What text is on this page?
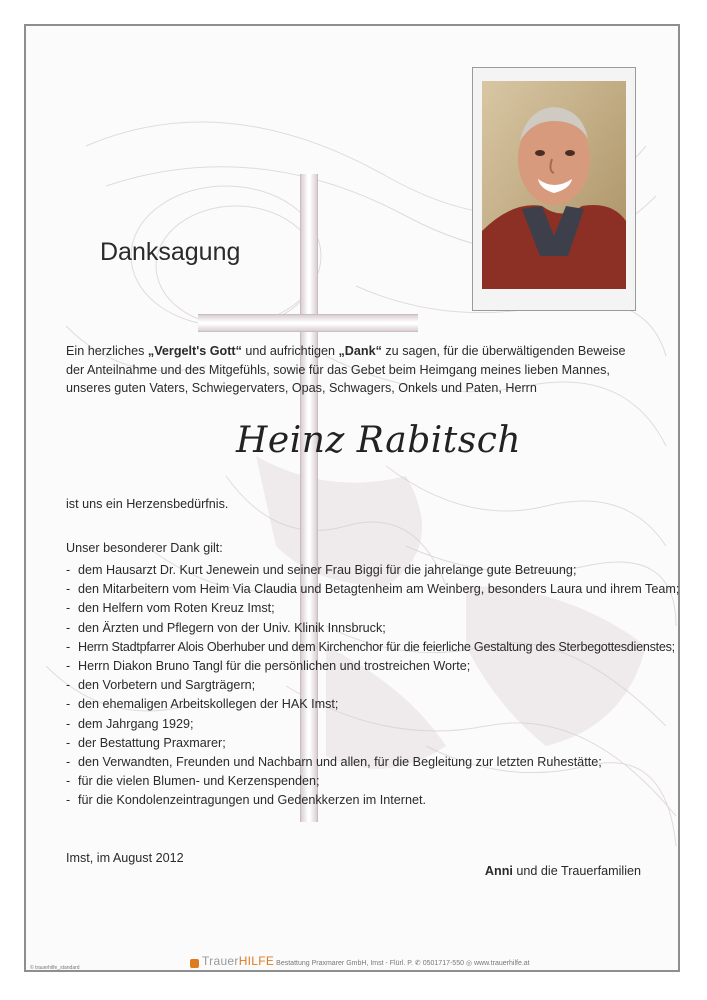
Danksagung
Ein herzliches „Vergelt's Gott“ und aufrichtigen „Dank“ zu sagen, für die überwältigenden Beweise der Anteilnahme und des Mitgefühls, sowie für das Gebet beim Heimgang meines lieben Mannes, unseres guten Vaters, Schwiegervaters, Opas, Schwagers, Onkels und Paten, Herrn
Heinz Rabitsch
ist uns ein Herzensbedürfnis.
Unser besonderer Dank gilt:
- dem Hausarzt Dr. Kurt Jenewein und seiner Frau Biggi für die jahrelange gute Betreuung;
- den Mitarbeitern vom Heim Via Claudia und Betagtenheim am Weinberg, besonders Laura und ihrem Team;
- den Helfern vom Roten Kreuz Imst;
- den Ärzten und Pflegern von der Univ. Klinik Innsbruck;
- Herrn Stadtpfarrer Alois Oberhuber und dem Kirchenchor für die feierliche Gestaltung des Sterbegottesdienstes;
- Herrn Diakon Bruno Tangl für die persönlichen und trostreichen Worte;
- den Vorbetern und Sargträgern;
- den ehemaligen Arbeitskollegen der HAK Imst;
- dem Jahrgang 1929;
- der Bestattung Praxmarer;
- den Verwandten, Freunden und Nachbarn und allen, für die Begleitung zur letzten Ruhestätte;
- für die vielen Blumen- und Kerzenspenden;
- für die Kondolenzeintragungen und Gedenkkerzen im Internet.
Imst, im August 2012
Anni und die Trauerfamilien
TrauerHILFE Bestattung Praxmarer GmbH, Imst - Flürl. P. ✆ 0501717-550 ◎ www.trauerhilfe.at
© trauerhilfe_standard
